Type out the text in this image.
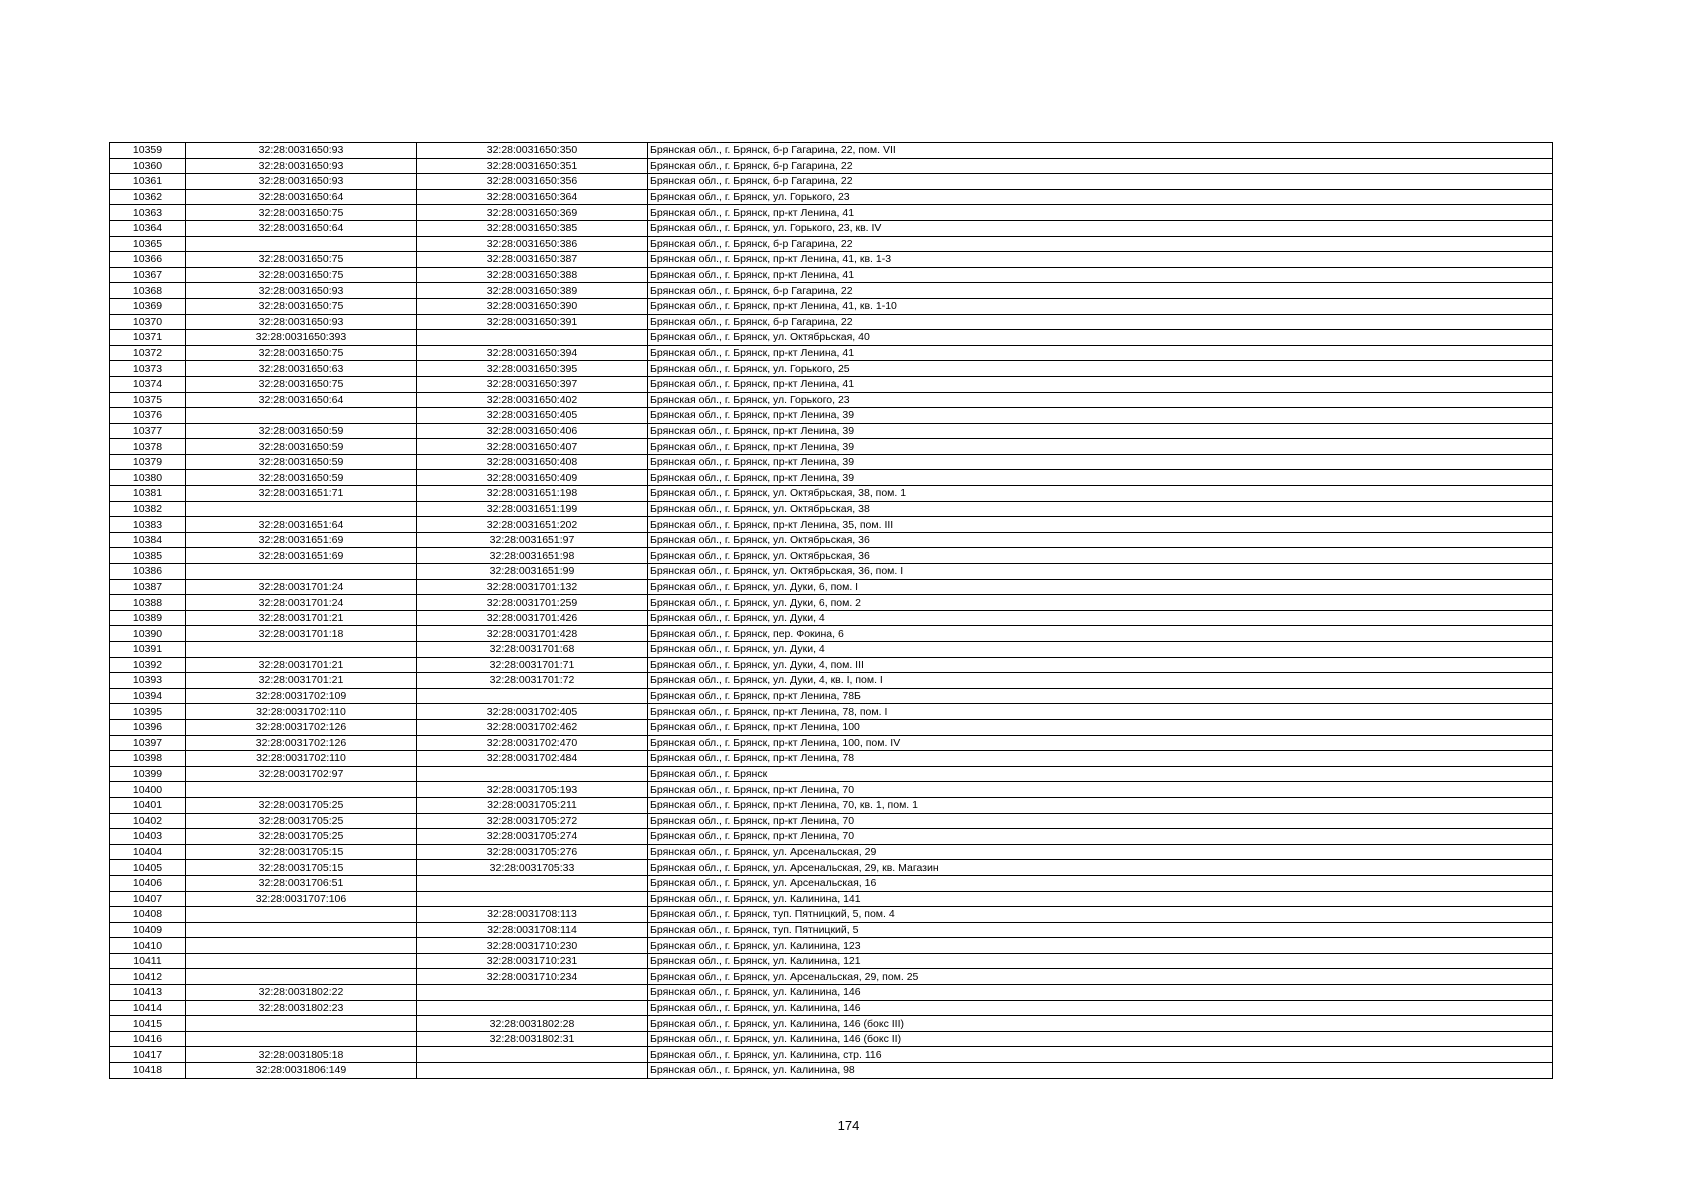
10359	32:28:0031650:93	32:28:0031650:350	Брянская обл., г. Брянск, б-р Гагарина, 22, пом. VII
10360	32:28:0031650:93	32:28:0031650:351	Брянская обл., г. Брянск, б-р Гагарина, 22
10361	32:28:0031650:93	32:28:0031650:356	Брянская обл., г. Брянск, б-р Гагарина, 22
10362	32:28:0031650:64	32:28:0031650:364	Брянская обл., г. Брянск, ул. Горького, 23
10363	32:28:0031650:75	32:28:0031650:369	Брянская обл., г. Брянск, пр-кт Ленина, 41
10364	32:28:0031650:64	32:28:0031650:385	Брянская обл., г. Брянск, ул. Горького, 23, кв. IV
10365		32:28:0031650:386	Брянская обл., г. Брянск, б-р Гагарина, 22
10366	32:28:0031650:75	32:28:0031650:387	Брянская обл., г. Брянск, пр-кт Ленина, 41, кв. 1-3
10367	32:28:0031650:75	32:28:0031650:388	Брянская обл., г. Брянск, пр-кт Ленина, 41
10368	32:28:0031650:93	32:28:0031650:389	Брянская обл., г. Брянск, б-р Гагарина, 22
10369	32:28:0031650:75	32:28:0031650:390	Брянская обл., г. Брянск, пр-кт Ленина, 41, кв. 1-10
10370	32:28:0031650:93	32:28:0031650:391	Брянская обл., г. Брянск, б-р Гагарина, 22
10371	32:28:0031650:393		Брянская обл., г. Брянск, ул. Октябрьская, 40
10372	32:28:0031650:75	32:28:0031650:394	Брянская обл., г. Брянск, пр-кт Ленина, 41
10373	32:28:0031650:63	32:28:0031650:395	Брянская обл., г. Брянск, ул. Горького, 25
10374	32:28:0031650:75	32:28:0031650:397	Брянская обл., г. Брянск, пр-кт Ленина, 41
10375	32:28:0031650:64	32:28:0031650:402	Брянская обл., г. Брянск, ул. Горького, 23
10376		32:28:0031650:405	Брянская обл., г. Брянск, пр-кт Ленина, 39
10377	32:28:0031650:59	32:28:0031650:406	Брянская обл., г. Брянск, пр-кт Ленина, 39
10378	32:28:0031650:59	32:28:0031650:407	Брянская обл., г. Брянск, пр-кт Ленина, 39
10379	32:28:0031650:59	32:28:0031650:408	Брянская обл., г. Брянск, пр-кт Ленина, 39
10380	32:28:0031650:59	32:28:0031650:409	Брянская обл., г. Брянск, пр-кт Ленина, 39
10381	32:28:0031651:71	32:28:0031651:198	Брянская обл., г. Брянск, ул. Октябрьская, 38, пом. 1
10382		32:28:0031651:199	Брянская обл., г. Брянск, ул. Октябрьская, 38
10383	32:28:0031651:64	32:28:0031651:202	Брянская обл., г. Брянск, пр-кт Ленина, 35, пом. III
10384	32:28:0031651:69	32:28:0031651:97	Брянская обл., г. Брянск, ул. Октябрьская, 36
10385	32:28:0031651:69	32:28:0031651:98	Брянская обл., г. Брянск, ул. Октябрьская, 36
10386		32:28:0031651:99	Брянская обл., г. Брянск, ул. Октябрьская, 36, пом. I
10387	32:28:0031701:24	32:28:0031701:132	Брянская обл., г. Брянск, ул. Дуки, 6, пом. I
10388	32:28:0031701:24	32:28:0031701:259	Брянская обл., г. Брянск, ул. Дуки, 6, пом. 2
10389	32:28:0031701:21	32:28:0031701:426	Брянская обл., г. Брянск, ул. Дуки, 4
10390	32:28:0031701:18	32:28:0031701:428	Брянская обл., г. Брянск, пер. Фокина, 6
10391		32:28:0031701:68	Брянская обл., г. Брянск, ул. Дуки, 4
10392	32:28:0031701:21	32:28:0031701:71	Брянская обл., г. Брянск, ул. Дуки, 4, пом. III
10393	32:28:0031701:21	32:28:0031701:72	Брянская обл., г. Брянск, ул. Дуки, 4, кв. I, пом. I
10394	32:28:0031702:109		Брянская обл., г. Брянск, пр-кт Ленина, 78Б
10395	32:28:0031702:110	32:28:0031702:405	Брянская обл., г. Брянск, пр-кт Ленина, 78, пом. I
10396	32:28:0031702:126	32:28:0031702:462	Брянская обл., г. Брянск, пр-кт Ленина, 100
10397	32:28:0031702:126	32:28:0031702:470	Брянская обл., г. Брянск, пр-кт Ленина, 100, пом. IV
10398	32:28:0031702:110	32:28:0031702:484	Брянская обл., г. Брянск, пр-кт Ленина, 78
10399	32:28:0031702:97		Брянская обл., г. Брянск
10400		32:28:0031705:193	Брянская обл., г. Брянск, пр-кт Ленина, 70
10401	32:28:0031705:25	32:28:0031705:211	Брянская обл., г. Брянск, пр-кт Ленина, 70, кв. 1, пом. 1
10402	32:28:0031705:25	32:28:0031705:272	Брянская обл., г. Брянск, пр-кт Ленина, 70
10403	32:28:0031705:25	32:28:0031705:274	Брянская обл., г. Брянск, пр-кт Ленина, 70
10404	32:28:0031705:15	32:28:0031705:276	Брянская обл., г. Брянск, ул. Арсенальская, 29
10405	32:28:0031705:15	32:28:0031705:33	Брянская обл., г. Брянск, ул. Арсенальская, 29, кв. Магазин
10406	32:28:0031706:51		Брянская обл., г. Брянск, ул. Арсенальская, 16
10407	32:28:0031707:106		Брянская обл., г. Брянск, ул. Калинина, 141
10408		32:28:0031708:113	Брянская обл., г. Брянск, туп. Пятницкий, 5, пом. 4
10409		32:28:0031708:114	Брянская обл., г. Брянск, туп. Пятницкий, 5
10410		32:28:0031710:230	Брянская обл., г. Брянск, ул. Калинина, 123
10411		32:28:0031710:231	Брянская обл., г. Брянск, ул. Калинина, 121
10412		32:28:0031710:234	Брянская обл., г. Брянск, ул. Арсенальская, 29, пом. 25
10413	32:28:0031802:22		Брянская обл., г. Брянск, ул. Калинина, 146
10414	32:28:0031802:23		Брянская обл., г. Брянск, ул. Калинина, 146
10415		32:28:0031802:28	Брянская обл., г. Брянск, ул. Калинина, 146 (бокс III)
10416		32:28:0031802:31	Брянская обл., г. Брянск, ул. Калинина, 146 (бокс II)
10417	32:28:0031805:18		Брянская обл., г. Брянск, ул. Калинина, стр. 116
10418	32:28:0031806:149		Брянская обл., г. Брянск, ул. Калинина, 98
174
